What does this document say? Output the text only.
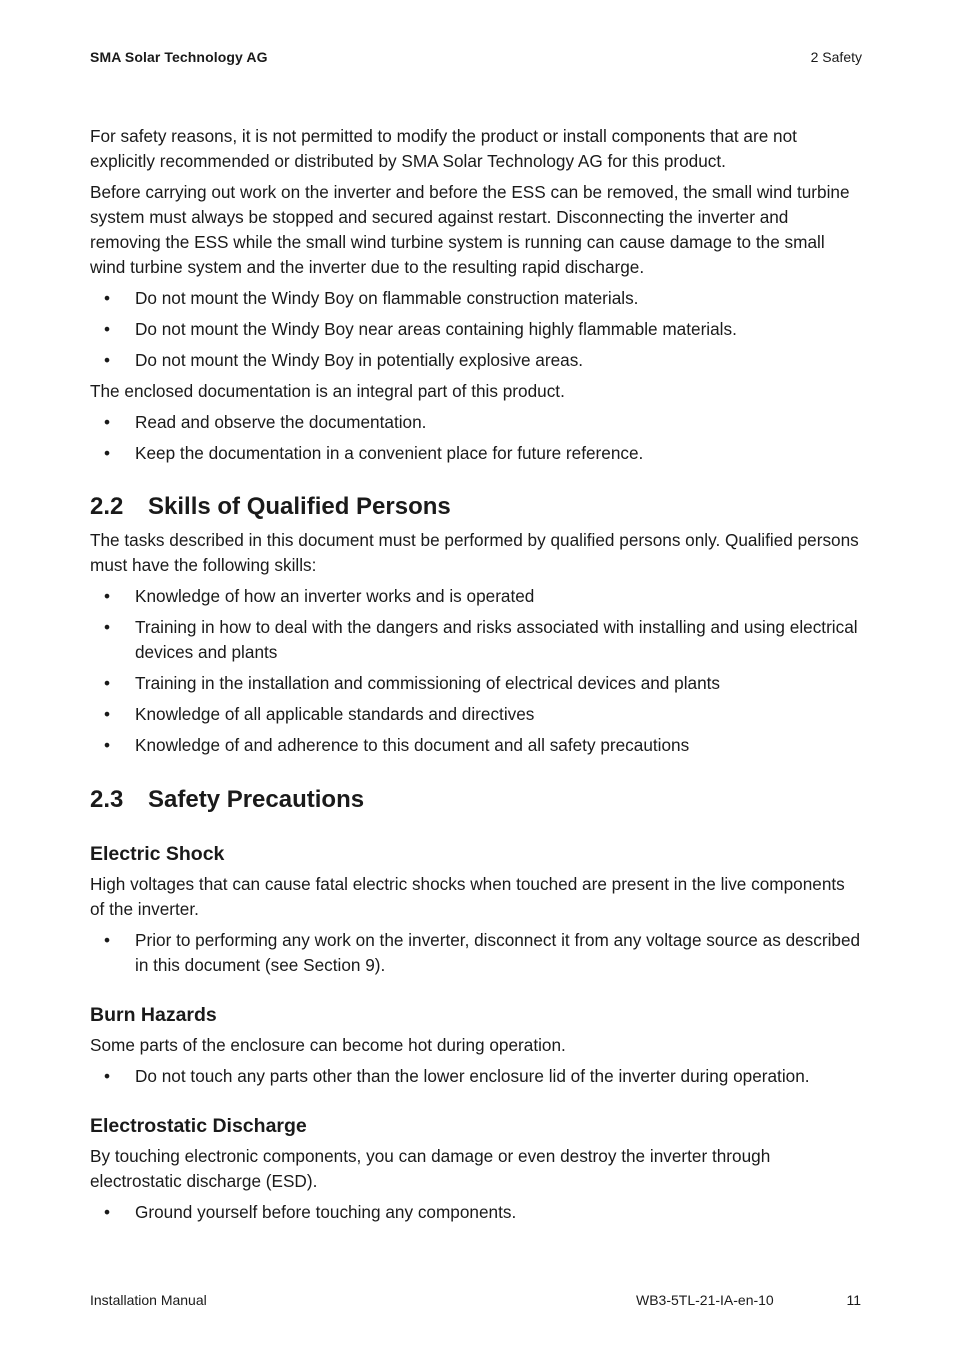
SMA Solar Technology AG	2 Safety

For safety reasons, it is not permitted to modify the product or install components that are not explicitly recommended or distributed by SMA Solar Technology AG for this product.

Before carrying out work on the inverter and before the ESS can be removed, the small wind turbine system must always be stopped and secured against restart. Disconnecting the inverter and removing the ESS while the small wind turbine system is running can cause damage to the small wind turbine system and the inverter due to the resulting rapid discharge.

• Do not mount the Windy Boy on flammable construction materials.
• Do not mount the Windy Boy near areas containing highly flammable materials.
• Do not mount the Windy Boy in potentially explosive areas.

The enclosed documentation is an integral part of this product.

• Read and observe the documentation.
• Keep the documentation in a convenient place for future reference.
2.2 Skills of Qualified Persons

The tasks described in this document must be performed by qualified persons only. Qualified persons must have the following skills:

• Knowledge of how an inverter works and is operated
• Training in how to deal with the dangers and risks associated with installing and using electrical devices and plants
• Training in the installation and commissioning of electrical devices and plants
• Knowledge of all applicable standards and directives
• Knowledge of and adherence to this document and all safety precautions
2.3 Safety Precautions
Electric Shock

High voltages that can cause fatal electric shocks when touched are present in the live components of the inverter.

• Prior to performing any work on the inverter, disconnect it from any voltage source as described in this document (see Section 9).
Burn Hazards

Some parts of the enclosure can become hot during operation.

• Do not touch any parts other than the lower enclosure lid of the inverter during operation.
Electrostatic Discharge

By touching electronic components, you can damage or even destroy the inverter through electrostatic discharge (ESD).

• Ground yourself before touching any components.
Installation Manual	WB3-5TL-21-IA-en-10	11
